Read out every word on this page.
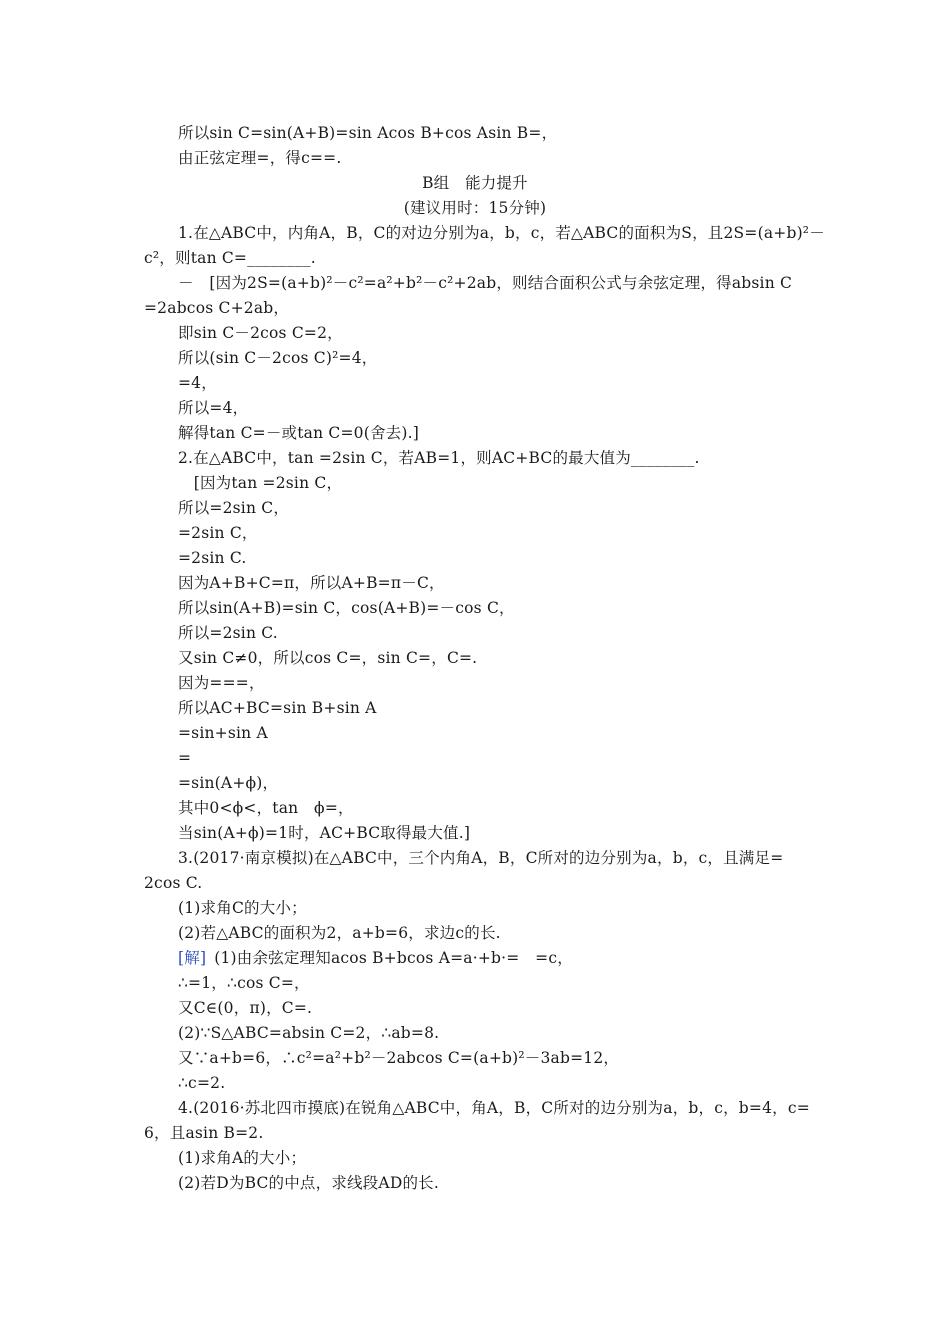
所以sin C=sin(A+B)=sin Acos B+cos Asin B=，
由正弦定理=，得c==.
B组　能力提升
(建议用时：15分钟)
1.在△ABC中，内角A，B，C的对边分别为a，b，c，若△ABC的面积为S，且2S=(a+b)²－
c²，则tan C=________.
－　[因为2S=(a+b)²－c²=a²+b²－c²+2ab，则结合面积公式与余弦定理，得absin C
=2abcos C+2ab，
即sin C－2cos C=2，
所以(sin C－2cos C)²=4，
=4，
所以=4，
解得tan C=－或tan C=0(舍去).]
2.在△ABC中，tan =2sin C，若AB=1，则AC+BC的最大值为________.
　[因为tan =2sin C，
所以=2sin C，
=2sin C，
=2sin C.
因为A+B+C=π，所以A+B=π－C，
所以sin(A+B)=sin C，cos(A+B)=－cos C，
所以=2sin C.
又sin C≠0，所以cos C=，sin C=，C=.
因为===，
所以AC+BC=sin B+sin A
=sin+sin A
=
=sin(A+ϕ)，
其中0<ϕ<，tan　ϕ=，
当sin(A+ϕ)=1时，AC+BC取得最大值.]
3.(2017·南京模拟)在△ABC中，三个内角A，B，C所对的边分别为a，b，c，且满足=
2cos C.
(1)求角C的大小；
(2)若△ABC的面积为2，a+b=6，求边c的长.
[解] (1)由余弦定理知acos B+bcos A=a·+b·=　=c，
∴=1，∴cos C=，
又C∈(0，π)，C=.
(2)∵S△ABC=absin C=2，∴ab=8.
又∵a+b=6，∴c²=a²+b²－2abcos C=(a+b)²－3ab=12，
∴c=2.
4.(2016·苏北四市摸底)在锐角△ABC中，角A，B，C所对的边分别为a，b，c，b=4，c=
6，且asin B=2.
(1)求角A的大小；
(2)若D为BC的中点，求线段AD的长.
